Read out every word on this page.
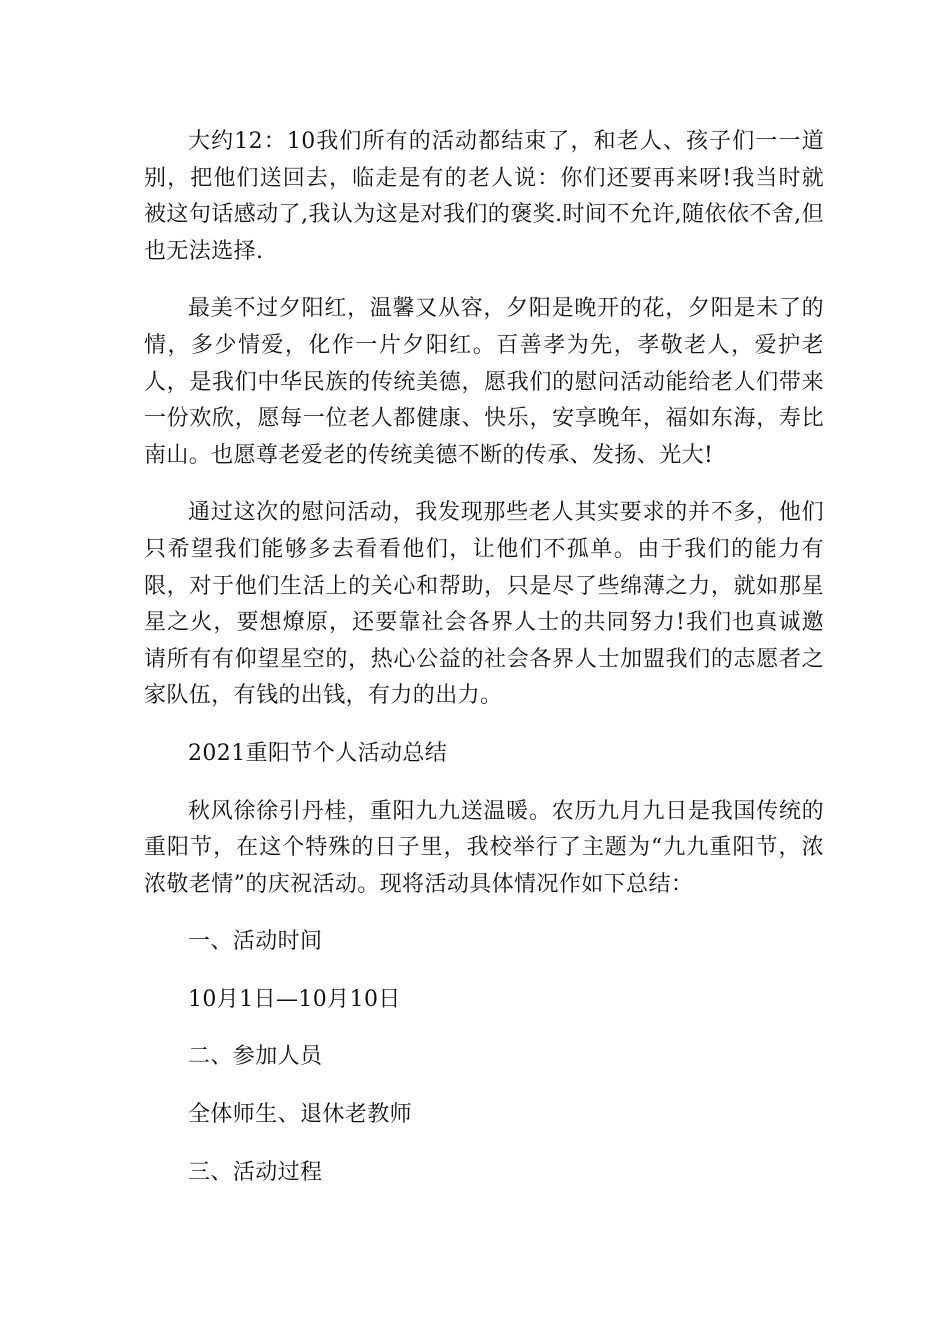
大约12：10我们所有的活动都结束了，和老人、孩子们一一道别，把他们送回去，临走是有的老人说：你们还要再来呀!我当时就被这句话感动了,我认为这是对我们的褒奖.时间不允许,随依依不舍,但也无法选择.

最美不过夕阳红，温馨又从容，夕阳是晚开的花，夕阳是未了的情，多少情爱，化作一片夕阳红。百善孝为先，孝敬老人，爱护老人，是我们中华民族的传统美德，愿我们的慰问活动能给老人们带来一份欢欣，愿每一位老人都健康、快乐，安享晚年，福如东海，寿比南山。也愿尊老爱老的传统美德不断的传承、发扬、光大!

通过这次的慰问活动，我发现那些老人其实要求的并不多，他们只希望我们能够多去看看他们，让他们不孤单。由于我们的能力有限，对于他们生活上的关心和帮助，只是尽了些绵薄之力，就如那星星之火，要想燎原，还要靠社会各界人士的共同努力!我们也真诚邀请所有有仰望星空的，热心公益的社会各界人士加盟我们的志愿者之家队伍，有钱的出钱，有力的出力。

2021重阳节个人活动总结

秋风徐徐引丹桂，重阳九九送温暖。农历九月九日是我国传统的重阳节，在这个特殊的日子里，我校举行了主题为“九九重阳节，浓浓敬老情”的庆祝活动。现将活动具体情况作如下总结：

一、活动时间

10月1日—10月10日

二、参加人员

全体师生、退休老教师

三、活动过程
